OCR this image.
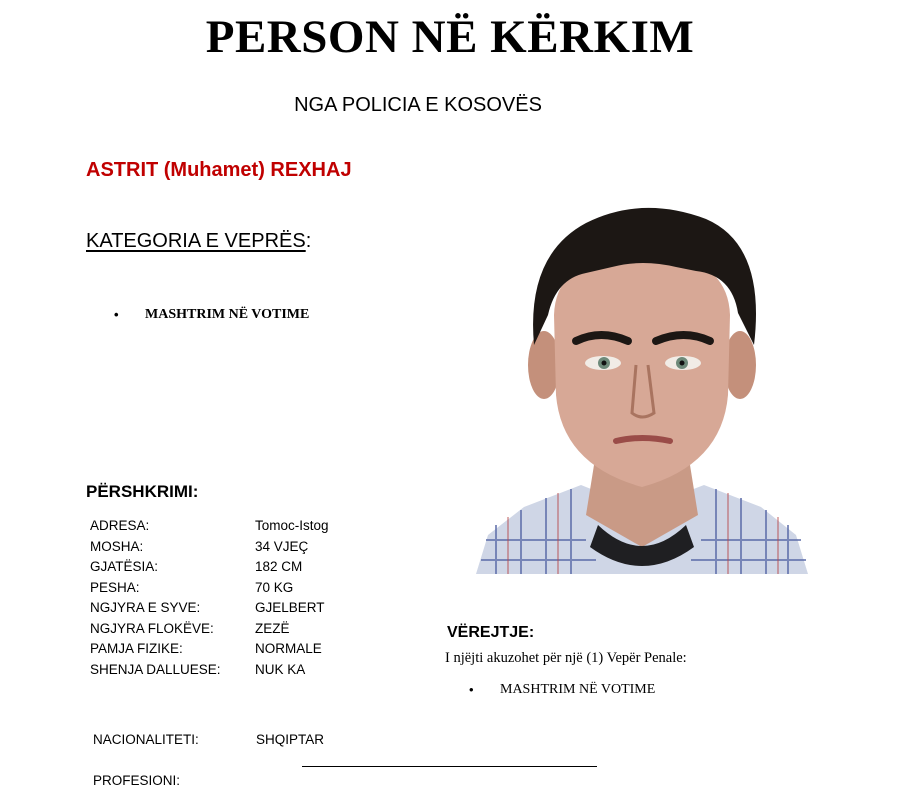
PERSON NË KËRKIM
NGA POLICIA E KOSOVËS
ASTRIT (Muhamet) REXHAJ
KATEGORIA E VEPRËS:
• MASHTRIM NË VOTIME
PËRSHKRIMI:
ADRESA:	Tomoc-Istog
MOSHA:	34 VJEÇ
GJATËSIA:	182 CM
PESHA:	70 KG
NGJYRA E SYVE:	GJELBERT
NGJYRA FLOKËVE:	ZEZË
PAMJA FIZIKE:	NORMALE
SHENJA DALLUESE:	NUK KA
NACIONALITETI:	SHQIPTAR
PROFESIONI:
VËREJTJE:
I njëjti akuzohet për një (1) Vepër Penale:
• MASHTRIM NË VOTIME
